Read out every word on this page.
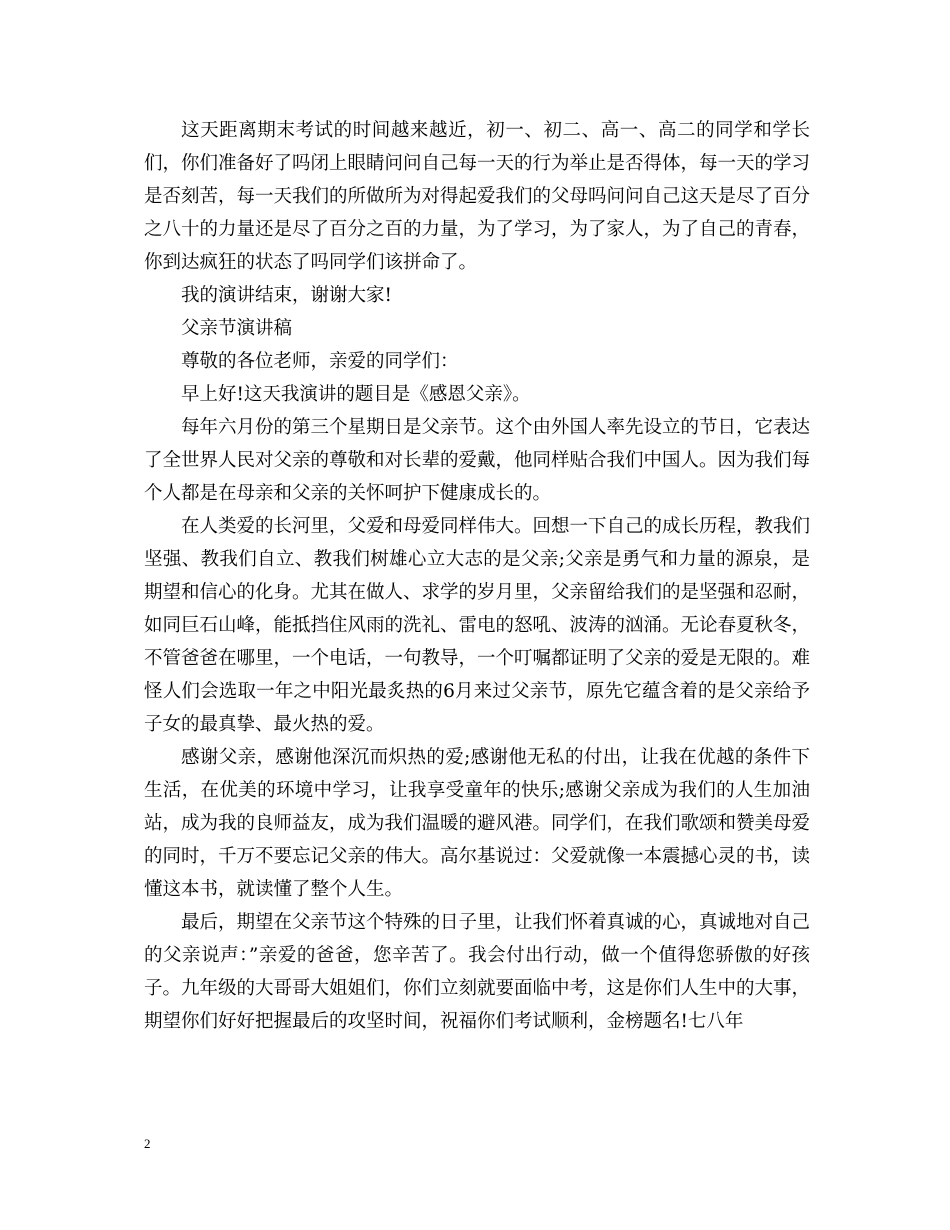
这天距离期末考试的时间越来越近，初一、初二、高一、高二的同学和学长们，你们准备好了吗闭上眼睛问问自己每一天的行为举止是否得体，每一天的学习是否刻苦，每一天我们的所做所为对得起爱我们的父母吗问问自己这天是尽了百分之八十的力量还是尽了百分之百的力量，为了学习，为了家人，为了自己的青春，你到达疯狂的状态了吗同学们该拼命了。

我的演讲结束，谢谢大家!

父亲节演讲稿

尊敬的各位老师，亲爱的同学们：

早上好!这天我演讲的题目是《感恩父亲》。

每年六月份的第三个星期日是父亲节。这个由外国人率先设立的节日，它表达了全世界人民对父亲的尊敬和对长辈的爱戴，他同样贴合我们中国人。因为我们每个人都是在母亲和父亲的关怀呵护下健康成长的。

在人类爱的长河里，父爱和母爱同样伟大。回想一下自己的成长历程，教我们坚强、教我们自立、教我们树雄心立大志的是父亲;父亲是勇气和力量的源泉，是期望和信心的化身。尤其在做人、求学的岁月里，父亲留给我们的是坚强和忍耐，如同巨石山峰，能抵挡住风雨的洗礼、雷电的怒吼、波涛的汹涌。无论春夏秋冬，不管爸爸在哪里，一个电话，一句教导，一个叮嘱都证明了父亲的爱是无限的。难怪人们会选取一年之中阳光最炙热的6月来过父亲节，原先它蕴含着的是父亲给予子女的最真挚、最火热的爱。

感谢父亲，感谢他深沉而炽热的爱;感谢他无私的付出，让我在优越的条件下生活，在优美的环境中学习，让我享受童年的快乐;感谢父亲成为我们的人生加油站，成为我的良师益友，成为我们温暖的避风港。同学们，在我们歌颂和赞美母爱的同时，千万不要忘记父亲的伟大。高尔基说过：父爱就像一本震撼心灵的书，读懂这本书，就读懂了整个人生。

最后，期望在父亲节这个特殊的日子里，让我们怀着真诚的心，真诚地对自己的父亲说声：”亲爱的爸爸，您辛苦了。我会付出行动，做一个值得您骄傲的好孩子。九年级的大哥哥大姐姐们，你们立刻就要面临中考，这是你们人生中的大事，期望你们好好把握最后的攻坚时间，祝福你们考试顺利，金榜题名!七八年

2
